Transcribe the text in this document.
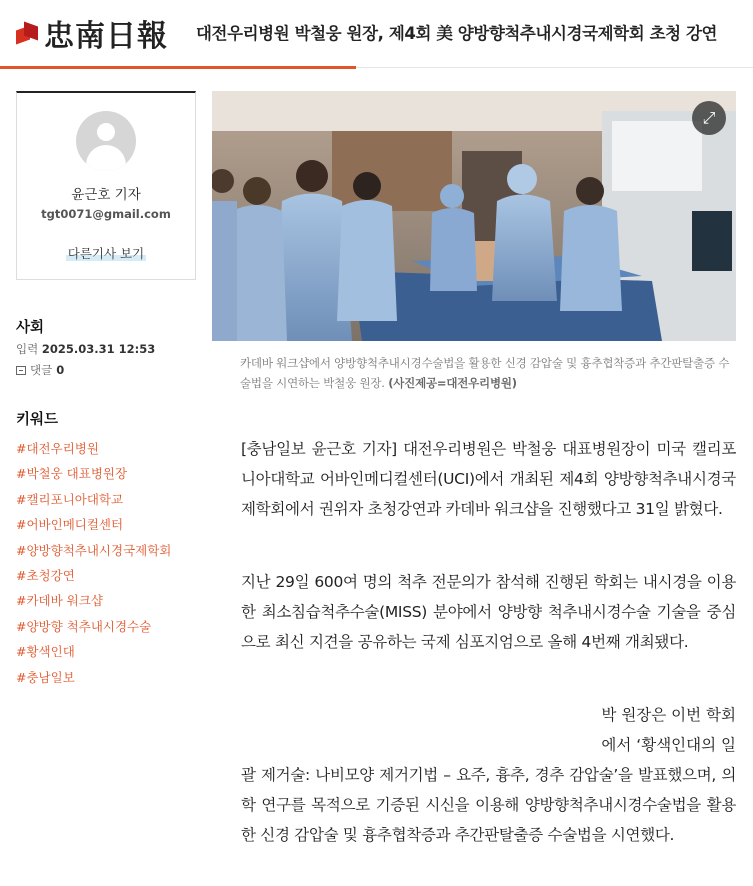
忠南日報 대전우리병원 박철웅 원장, 제4회 美 양방향척추내시경국제학회 초청 강연
윤근호 기자
tgt0071@gmail.com
다른기사 보기
사회
입력 2025.03.31 12:53
댓글 0
키워드
#대전우리병원
#박철웅 대표병원장
#캘리포니아대학교
#어바인메디컬센터
#양방향척추내시경국제학회
#초청강연
#카데바 워크샵
#양방향 척추내시경수술
#황색인대
#충남일보
⤢
카데바 워크샵에서 양방향척추내시경수술법을 활용한 신경 감압술 및 흉추협착증과 추간판탈출증 수술법을 시연하는 박철웅 원장. (사진제공=대전우리병원)

[충남일보 윤근호 기자] 대전우리병원은 박철웅 대표병원장이 미국 캘리포니아대학교 어바인메디컬센터(UCI)에서 개최된 제4회 양방향척추내시경국제학회에서 권위자 초청강연과 카데바 워크샵을 진행했다고 31일 밝혔다.

지난 29일 600여 명의 척추 전문의가 참석해 진행된 학회는 내시경을 이용한 최소침습척추수술(MISS) 분야에서 양방향 척추내시경수술 기술을 중심으로 최신 지견을 공유하는 국제 심포지엄으로 올해 4번째 개최됐다.

박 원장은 이번 학회
에서 ‘황색인대의 일

괄 제거술: 나비모양 제거기법 – 요주, 흉추, 경추 감압술’을 발표했으며, 의학 연구를 목적으로 기증된 시신을 이용해 양방향척추내시경수술법을 활용한 신경 감압술 및 흉추협착증과 추간판탈출증 수술법을 시연했다.
